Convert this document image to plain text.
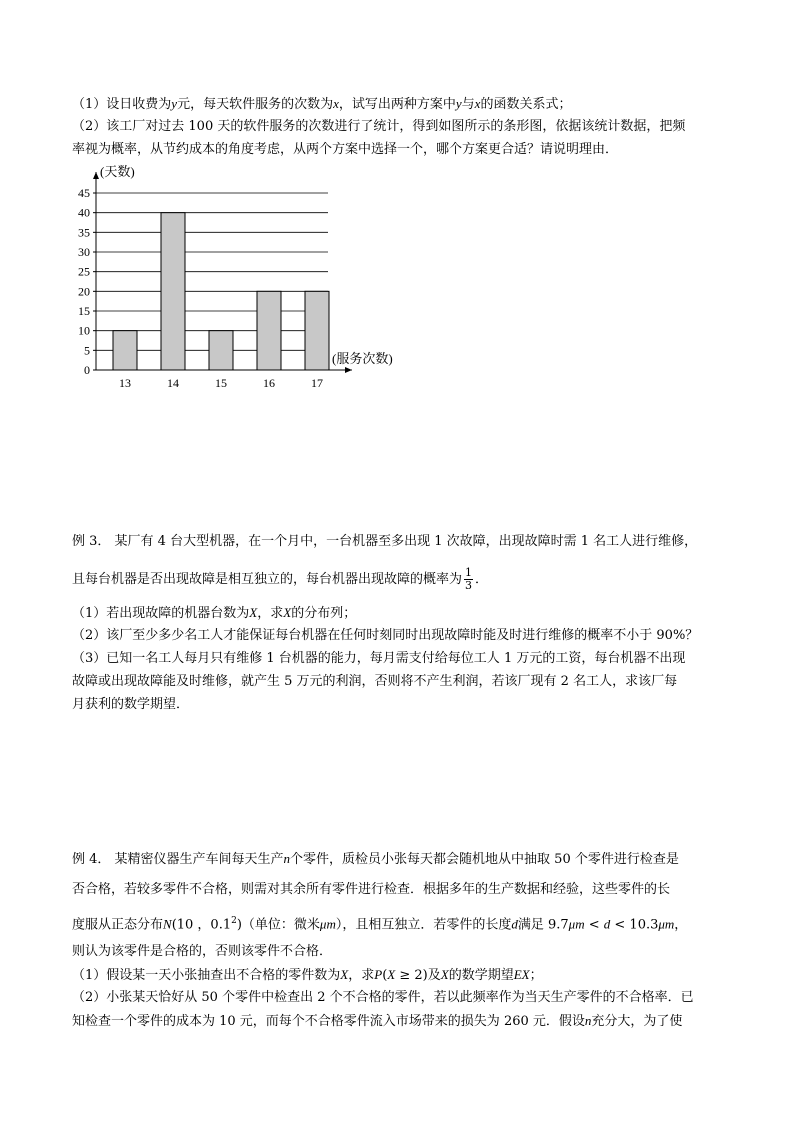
（1）设日收费为y元，每天软件服务的次数为x，试写出两种方案中y与x的函数关系式；
（2）该工厂对过去 100 天的软件服务的次数进行了统计，得到如图所示的条形图，依据该统计数据，把频
率视为概率，从节约成本的角度考虑，从两个方案中选择一个，哪个方案更合适？请说明理由．
13	14	15	16	17
0
5
10
15
20
25
30
35
40
45
(天数)
(服务次数)
例 3． 某厂有 4 台大型机器，在一个月中，一台机器至多出现 1 次故障，出现故障时需 1 名工人进行维修，
且每台机器是否出现故障是相互独立的，每台机器出现故障的概率为 $\frac{1}{3}$ ．
（1）若出现故障的机器台数为X，求X的分布列；
（2）该厂至少多少名工人才能保证每台机器在任何时刻同时出现故障时能及时进行维修的概率不小于 90%？
（3）已知一名工人每月只有维修 1 台机器的能力，每月需支付给每位工人 1 万元的工资，每台机器不出现
故障或出现故障能及时维修，就产生 5 万元的利润，否则将不产生利润，若该厂现有 2 名工人，求该厂每
月获利的数学期望．
例 4． 某精密仪器生产车间每天生产n个零件，质检员小张每天都会随机地从中抽取 50 个零件进行检查是
否合格，若较多零件不合格，则需对其余所有零件进行检查．根据多年的生产数据和经验，这些零件的长
度服从正态分布N(10 ，$0.1^2$)（单位：微米μm），且相互独立．若零件的长度d满足 9.7μm < d < 10.3μm，
则认为该零件是合格的，否则该零件不合格．
（1）假设某一天小张抽查出不合格的零件数为X，求P(X ≥ 2)及X的数学期望EX；
（2）小张某天恰好从 50 个零件中检查出 2 个不合格的零件，若以此频率作为当天生产零件的不合格率．已
知检查一个零件的成本为 10 元，而每个不合格零件流入市场带来的损失为 260 元．假设n充分大，为了使
